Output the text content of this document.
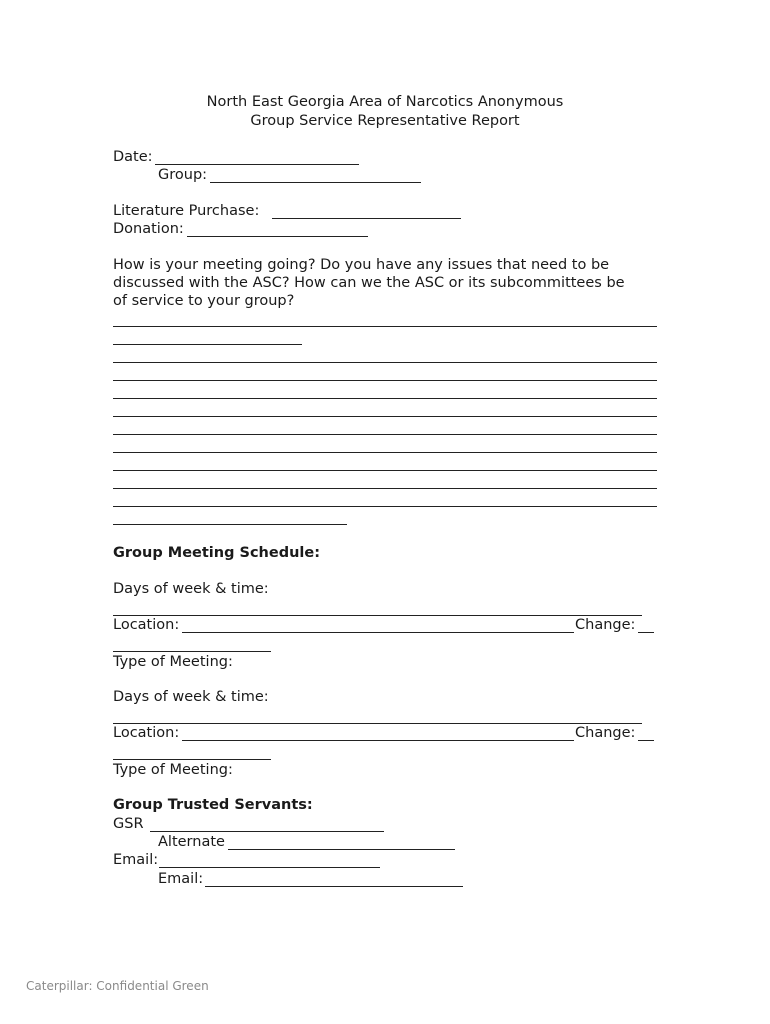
North East Georgia Area of Narcotics Anonymous
Group Service Representative Report
Date:
Group:
Literature Purchase:
Donation:
How is your meeting going? Do you have any issues that need to be
discussed with the ASC? How can we the ASC or its subcommittees be
of service to your group?
Group Meeting Schedule:
Days of week & time:
Location:	Change:
Type of Meeting:
Days of week & time:
Location:	Change:
Type of Meeting:
Group Trusted Servants:
GSR
Alternate
Email:
Email:
Caterpillar: Confidential Green
